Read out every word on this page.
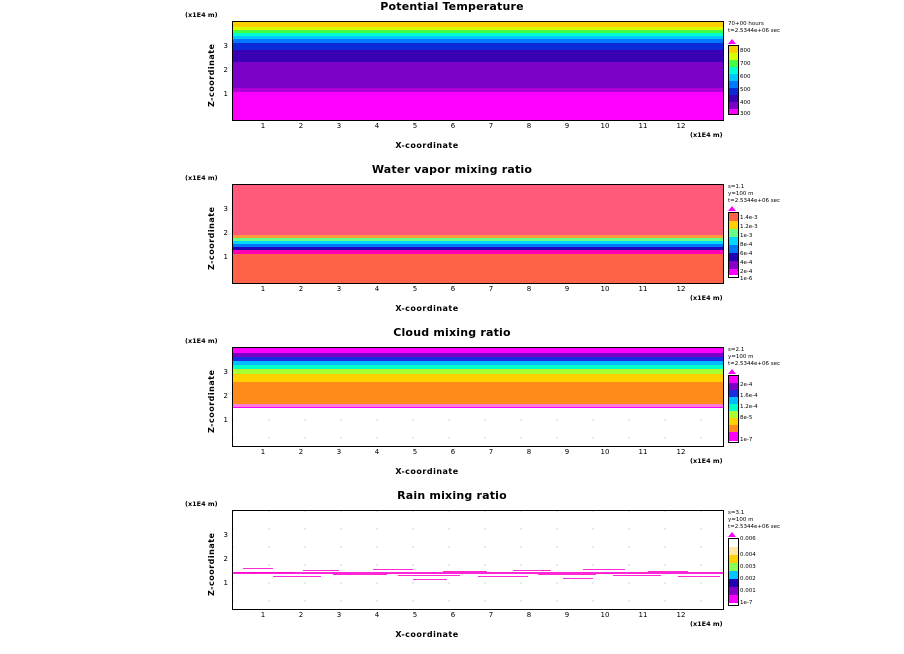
Potential Temperature
(x1E4 m)
Z-coordinate	3
2
1
1	2	3	4	5	6	7	8	9	10	11	12
(x1E4 m)
X-coordinate
70+00 hours
t=2.5344e+06 sec
800
700
600
500
400
300
Water vapor mixing ratio
(x1E4 m)
Z-coordinate	3
2
1
1	2	3	4	5	6	7	8	9	10	11	12
(x1E4 m)
X-coordinate
s=1.1
y=100 m
t=2.5344e+06 sec
1.4e-3
1.2e-3
1e-3
8e-4
6e-4
4e-4
2e-4
1e-6
Cloud mixing ratio
(x1E4 m)
Z-coordinate	3
2
1
1	2	3	4	5	6	7	8	9	10	11	12
(x1E4 m)
X-coordinate
s=2.1
y=100 m
t=2.5344e+06 sec
2e-4
1.6e-4
1.2e-4
8e-5
1e-7
Rain mixing ratio
(x1E4 m)
Z-coordinate	3
2
1
1	2	3	4	5	6	7	8	9	10	11	12
(x1E4 m)
X-coordinate
s=3.1
y=100 m
t=2.5344e+06 sec
0.006
0.004
0.003
0.002
0.001
1e-7
